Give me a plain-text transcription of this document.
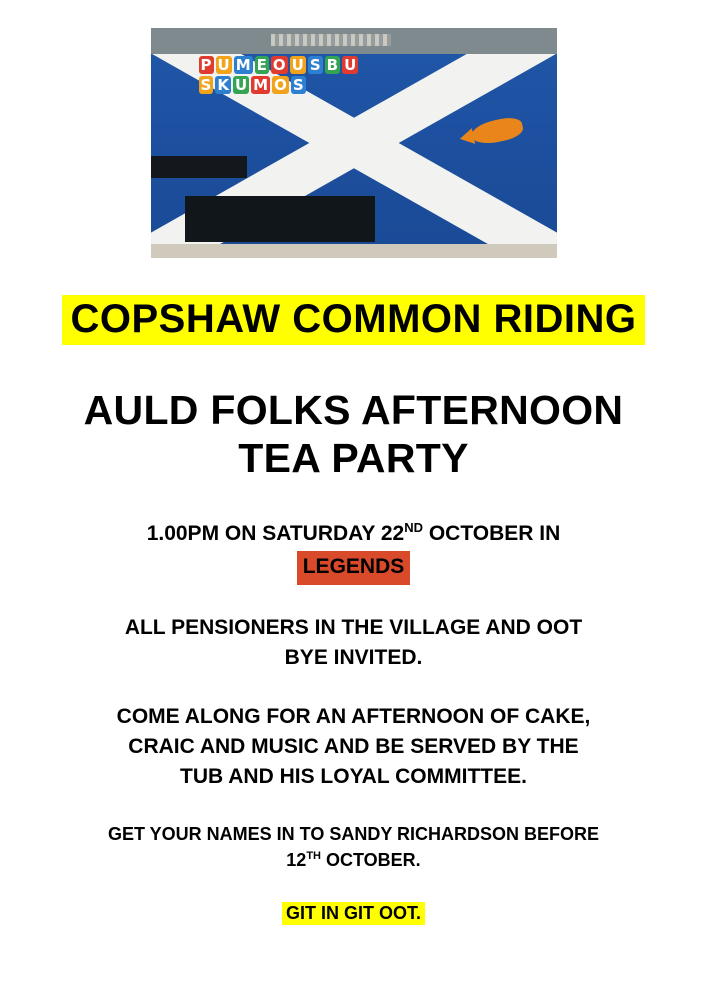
P U M E O U S B U
S K U M O S
COPSHAW COMMON RIDING
AULD FOLKS AFTERNOON
TEA PARTY
1.00PM ON SATURDAY 22ND OCTOBER IN
LEGENDS
ALL PENSIONERS IN THE VILLAGE AND OOT
BYE INVITED.
COME ALONG FOR AN AFTERNOON OF CAKE,
CRAIC AND MUSIC AND BE SERVED BY THE
TUB AND HIS LOYAL COMMITTEE.
GET YOUR NAMES IN TO SANDY RICHARDSON BEFORE
12TH OCTOBER.
GIT IN GIT OOT.
